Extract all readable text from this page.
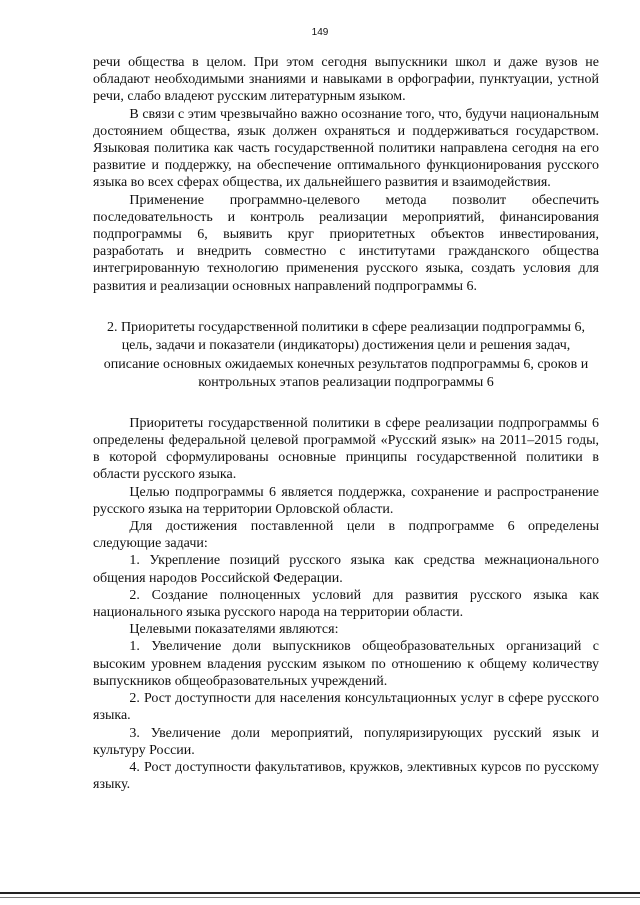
149

речи общества в целом. При этом сегодня выпускники школ и даже вузов не обладают необходимыми знаниями и навыками в орфографии, пунктуации, устной речи, слабо владеют русским литературным языком.

В связи с этим чрезвычайно важно осознание того, что, будучи национальным достоянием общества, язык должен охраняться и поддерживаться государством. Языковая политика как часть государственной политики направлена сегодня на его развитие и поддержку, на обеспечение оптимального функционирования русского языка во всех сферах общества, их дальнейшего развития и взаимодействия.

Применение программно-целевого метода позволит обеспечить последовательность и контроль реализации мероприятий, финансирования подпрограммы 6, выявить круг приоритетных объектов инвестирования, разработать и внедрить совместно с институтами гражданского общества интегрированную технологию применения русского языка, создать условия для развития и реализации основных направлений подпрограммы 6.

2. Приоритеты государственной политики в сфере реализации подпрограммы 6, цель, задачи и показатели (индикаторы) достижения цели и решения задач, описание основных ожидаемых конечных результатов подпрограммы 6, сроков и контрольных этапов реализации подпрограммы 6

Приоритеты государственной политики в сфере реализации подпрограммы 6 определены федеральной целевой программой «Русский язык» на 2011–2015 годы, в которой сформулированы основные принципы государственной политики в области русского языка.

Целью подпрограммы 6 является поддержка, сохранение и распространение русского языка на территории Орловской области.

Для достижения поставленной цели в подпрограмме 6 определены следующие задачи:

1. Укрепление позиций русского языка как средства межнационального общения народов Российской Федерации.

2. Создание полноценных условий для развития русского языка как национального языка русского народа на территории области.

Целевыми показателями являются:

1. Увеличение доли выпускников общеобразовательных организаций с высоким уровнем владения русским языком по отношению к общему количеству выпускников общеобразовательных учреждений.

2. Рост доступности для населения консультационных услуг в сфере русского языка.

3. Увеличение доли мероприятий, популяризирующих русский язык и культуру России.

4. Рост доступности факультативов, кружков, элективных курсов по русскому языку.
